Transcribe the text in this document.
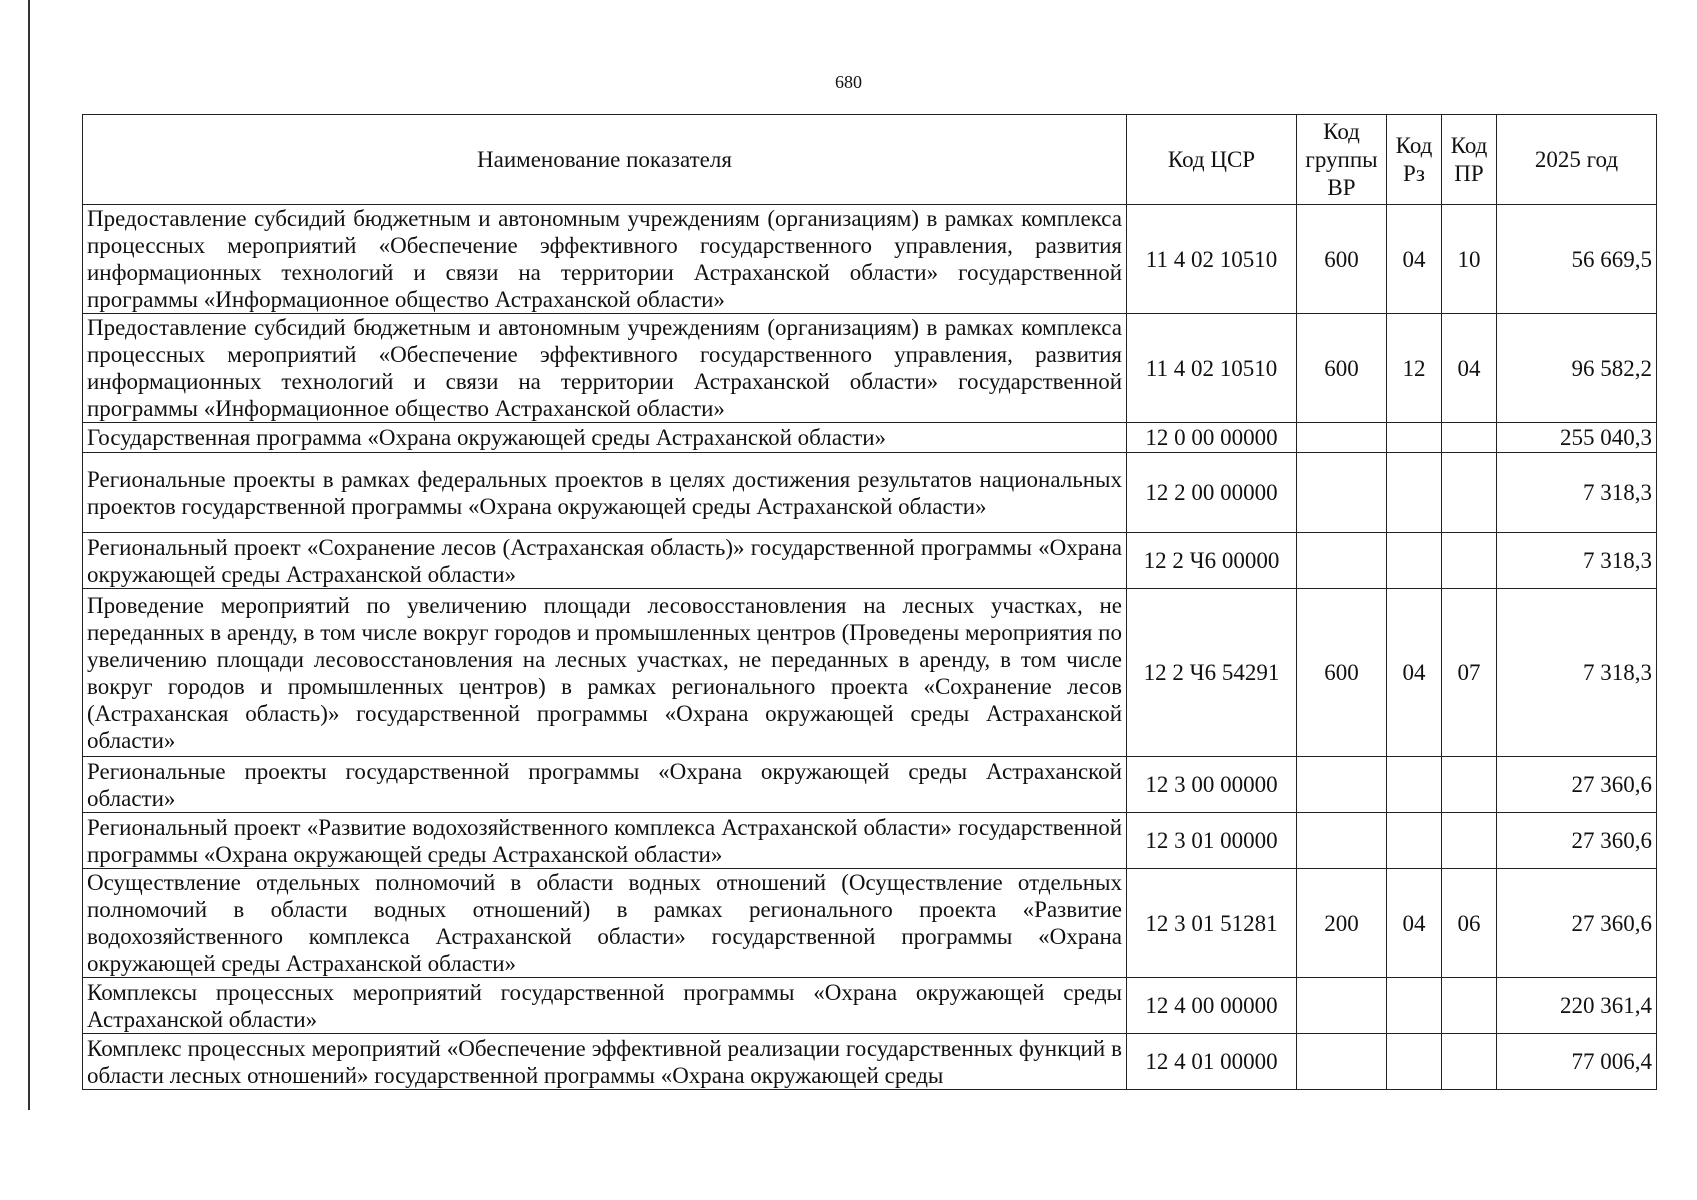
680
Наименование показателя	Код ЦСР	Код группы ВР	Код Рз	Код ПР	2025 год
Предоставление субсидий бюджетным и автономным учреждениям (организациям) в рамках комплекса процессных мероприятий «Обеспечение эффективного государственного управления, развития информационных технологий и связи на территории Астраханской области» государственной программы «Информационное общество Астраханской области»	11 4 02 10510	600	04	10	56 669,5
Предоставление субсидий бюджетным и автономным учреждениям (организациям) в рамках комплекса процессных мероприятий «Обеспечение эффективного государственного управления, развития информационных технологий и связи на территории Астраханской области» государственной программы «Информационное общество Астраханской области»	11 4 02 10510	600	12	04	96 582,2
Государственная программа «Охрана окружающей среды Астраханской области»	12 0 00 00000				255 040,3
Региональные проекты в рамках федеральных проектов в целях достижения результатов национальных проектов государственной программы «Охрана окружающей среды Астраханской области»	12 2 00 00000				7 318,3
Региональный проект «Сохранение лесов (Астраханская область)» государственной программы «Охрана окружающей среды Астраханской области»	12 2 Ч6 00000				7 318,3
Проведение мероприятий по увеличению площади лесовосстановления на лесных участках, не переданных в аренду, в том числе вокруг городов и промышленных центров (Проведены мероприятия по увеличению площади лесовосстановления на лесных участках, не переданных в аренду, в том числе вокруг городов и промышленных центров) в рамках регионального проекта «Сохранение лесов (Астраханская область)» государственной программы «Охрана окружающей среды Астраханской области»	12 2 Ч6 54291	600	04	07	7 318,3
Региональные проекты государственной программы «Охрана окружающей среды Астраханской области»	12 3 00 00000				27 360,6
Региональный проект «Развитие водохозяйственного комплекса Астраханской области» государственной программы «Охрана окружающей среды Астраханской области»	12 3 01 00000				27 360,6
Осуществление отдельных полномочий в области водных отношений (Осуществление отдельных полномочий в области водных отношений) в рамках регионального проекта «Развитие водохозяйственного комплекса Астраханской области» государственной программы «Охрана окружающей среды Астраханской области»	12 3 01 51281	200	04	06	27 360,6
Комплексы процессных мероприятий государственной программы «Охрана окружающей среды Астраханской области»	12 4 00 00000				220 361,4
Комплекс процессных мероприятий «Обеспечение эффективной реализации государственных функций в области лесных отношений» государственной программы «Охрана окружающей среды	12 4 01 00000				77 006,4
